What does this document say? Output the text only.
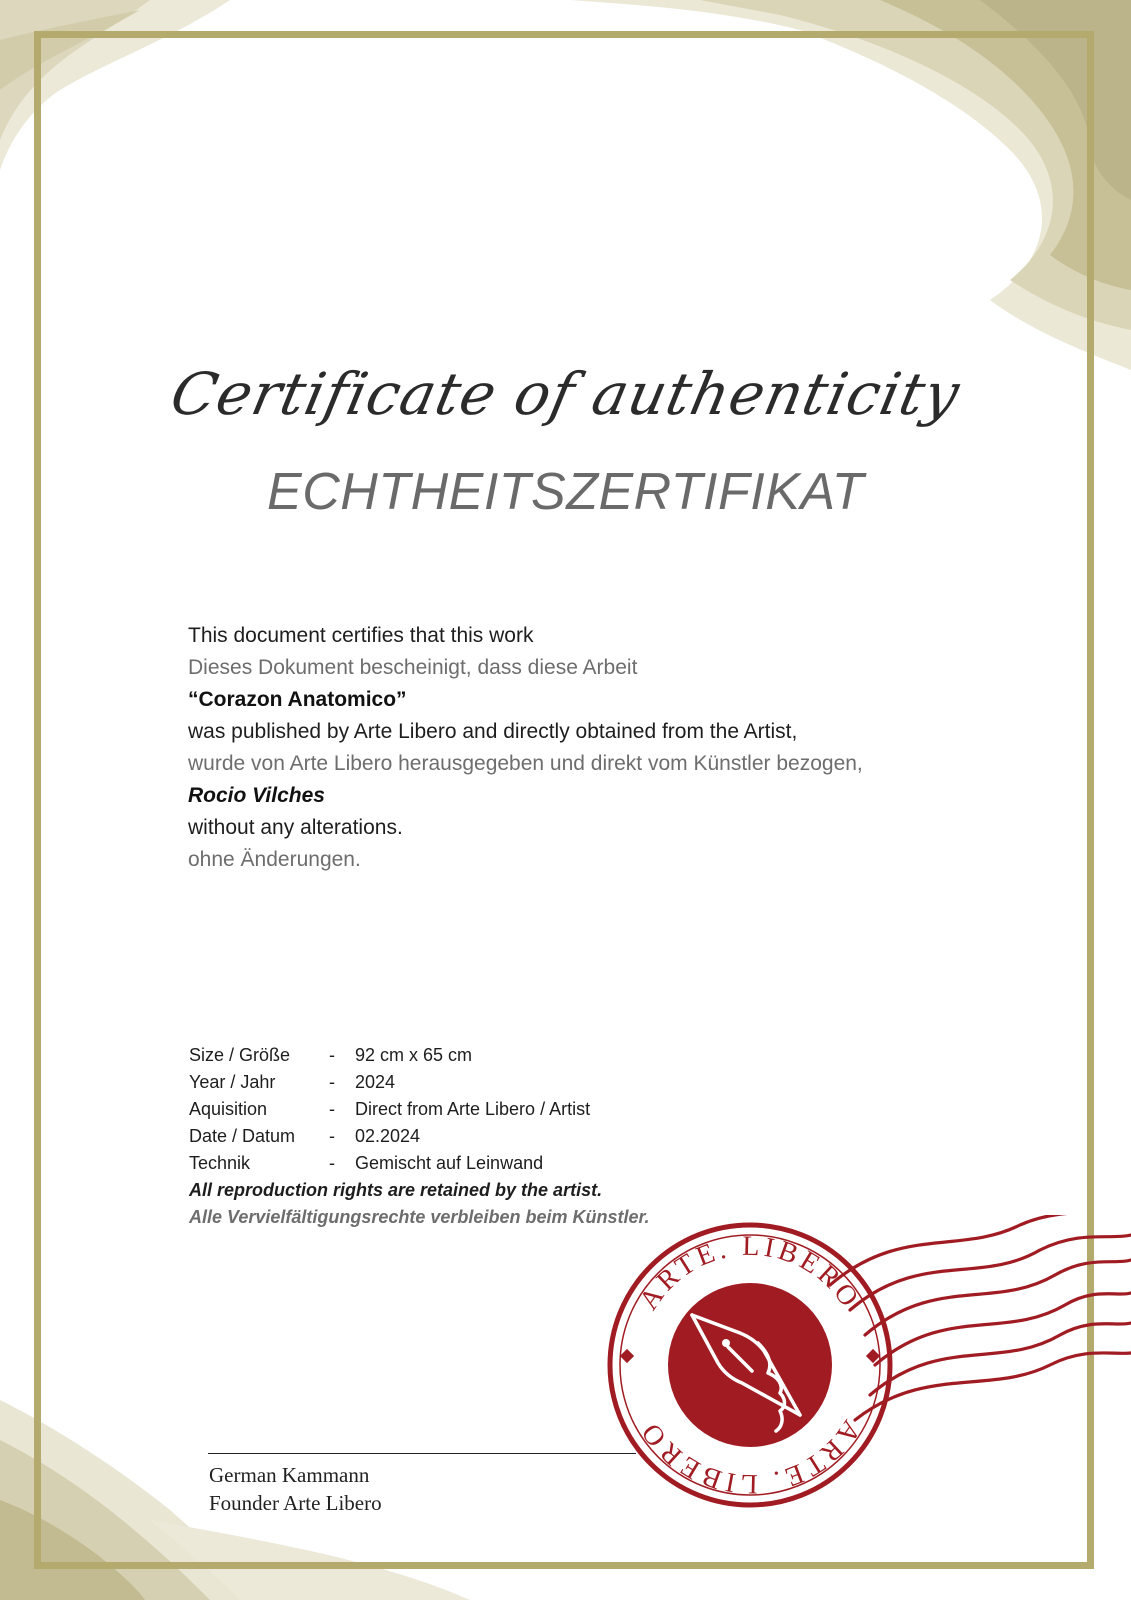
Certificate of authenticity
ECHTHEITSZERTIFIKAT
This document certifies that this work
Dieses Dokument bescheinigt, dass diese Arbeit
“Corazon Anatomico”
was published by Arte Libero and directly obtained from the Artist,
wurde von Arte Libero herausgegeben und direkt vom Künstler bezogen,
Rocio Vilches
without any alterations.
ohne Änderungen.
Size / Größe	-	92 cm x 65 cm
Year / Jahr	-	2024
Aquisition	-	Direct from Arte Libero / Artist
Date / Datum	-	02.2024
Technik	-	Gemischt auf Leinwand
All reproduction rights are retained by the artist.
Alle Vervielfältigungsrechte verbleiben beim Künstler.
ARTE. LIBERO
ARTE. LIBERO
German Kammann
Founder Arte Libero
